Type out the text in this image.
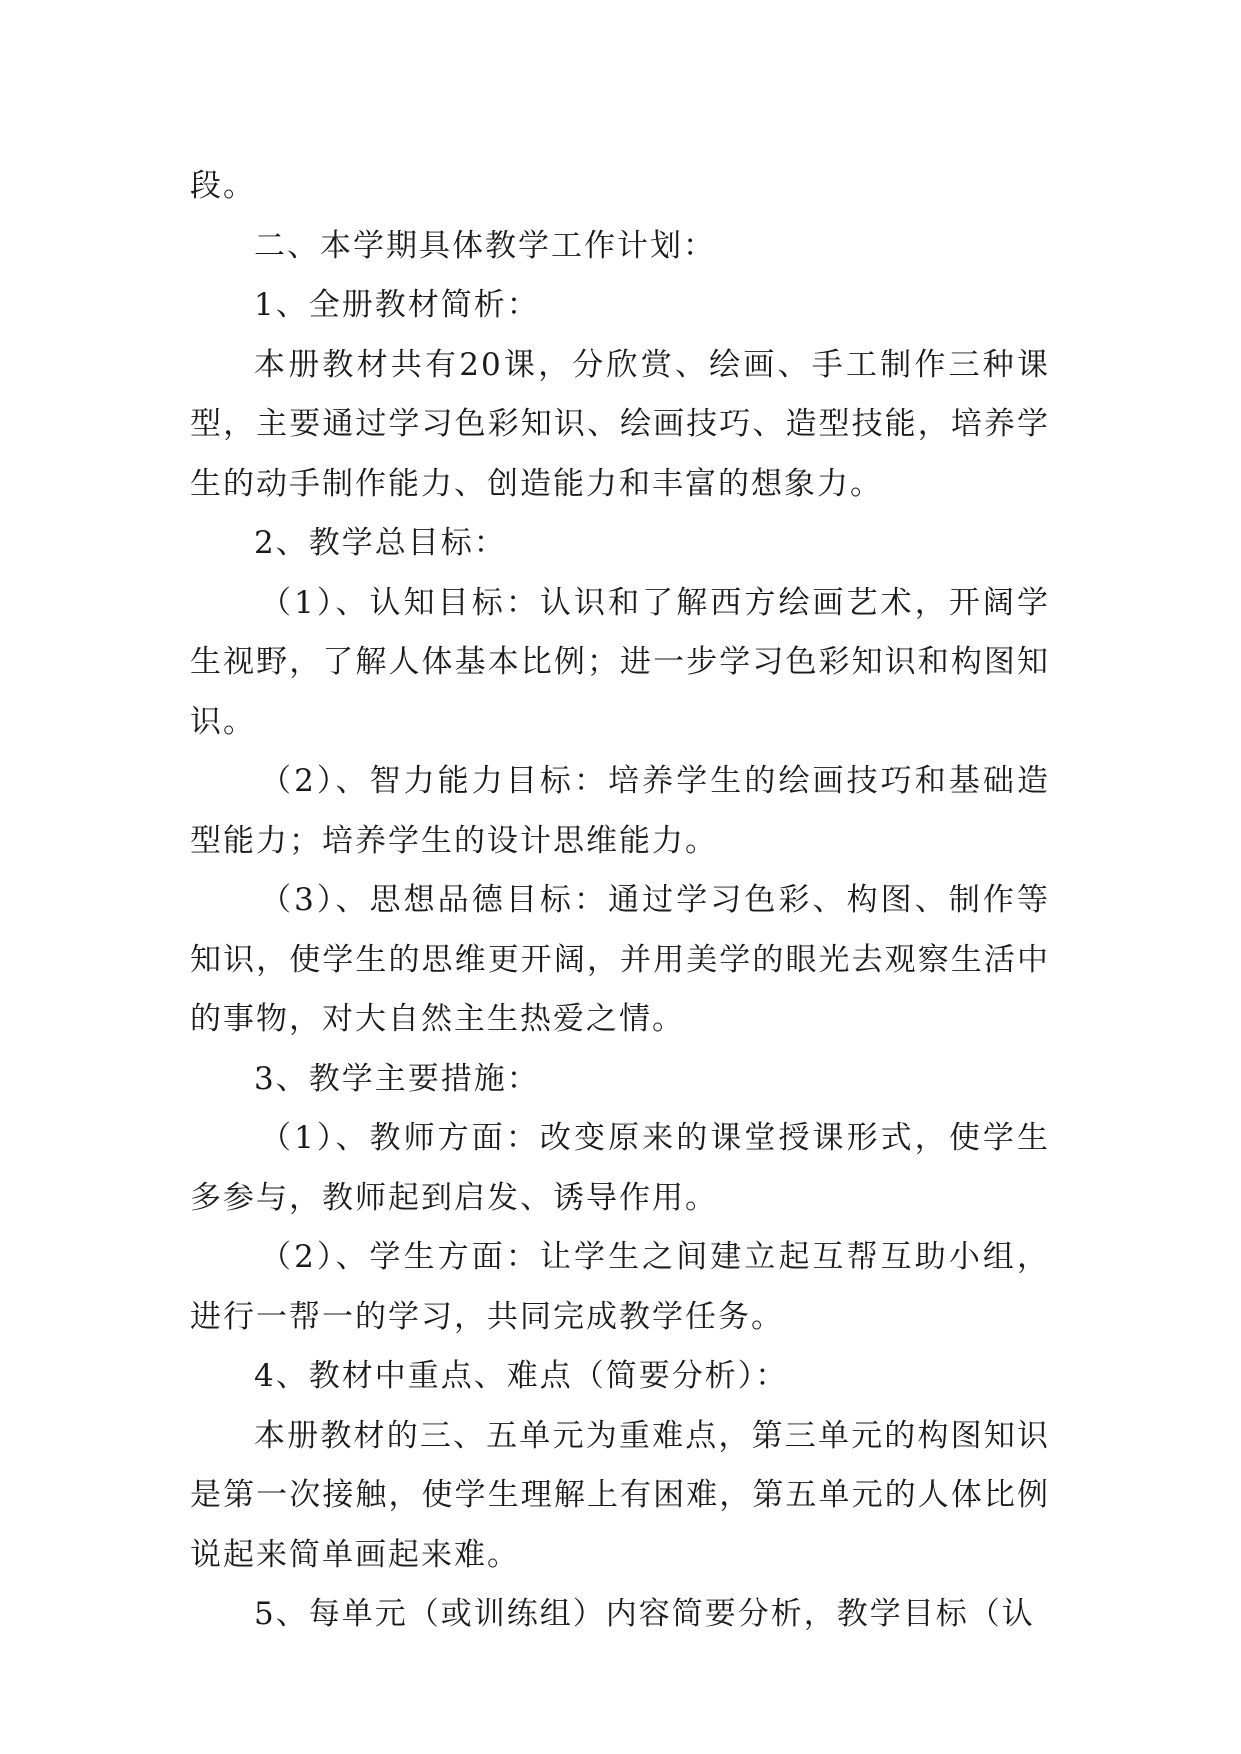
段。

二、本学期具体教学工作计划：

1、全册教材简析：

本册教材共有20课，分欣赏、绘画、手工制作三种课型，主要通过学习色彩知识、绘画技巧、造型技能，培养学生的动手制作能力、创造能力和丰富的想象力。

2、教学总目标：

（1）、认知目标：认识和了解西方绘画艺术，开阔学生视野，了解人体基本比例；进一步学习色彩知识和构图知识。

（2）、智力能力目标：培养学生的绘画技巧和基础造型能力；培养学生的设计思维能力。

（3）、思想品德目标：通过学习色彩、构图、制作等知识，使学生的思维更开阔，并用美学的眼光去观察生活中的事物，对大自然主生热爱之情。

3、教学主要措施：

（1）、教师方面：改变原来的课堂授课形式，使学生多参与，教师起到启发、诱导作用。

（2）、学生方面：让学生之间建立起互帮互助小组，进行一帮一的学习，共同完成教学任务。

4、教材中重点、难点（简要分析）：

本册教材的三、五单元为重难点，第三单元的构图知识是第一次接触，使学生理解上有困难，第五单元的人体比例说起来简单画起来难。

5、每单元（或训练组）内容简要分析，教学目标（认
